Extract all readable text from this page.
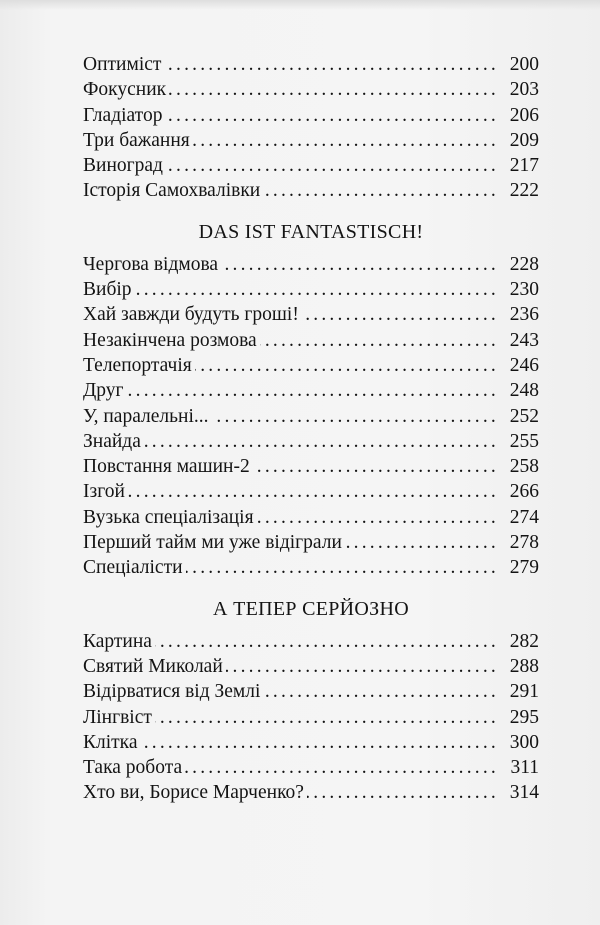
Оптиміст .....	200
Фокусник .....	203
Гладіатор .....	206
Три бажання .....	209
Виноград .....	217
Історія Самохвалівки .....	222
DAS IST FANTASTISCH!
Чергова відмова .....	228
Вибір .....	230
Хай завжди будуть гроші! .....	236
Незакінчена розмова .....	243
Телепортачія .....	246
Друг .....	248
У, паралельні... .....	252
Знайда .....	255
Повстання машин-2 .....	258
Ізгой .....	266
Вузька спеціалізація .....	274
Перший тайм ми уже відіграли .....	278
Спеціалісти .....	279
А ТЕПЕР СЕРЙОЗНО
Картина .....	282
Святий Миколай .....	288
Відірватися від Землі .....	291
Лінгвіст .....	295
Клітка .....	300
Така робота .....	311
Хто ви, Борисе Марченко? .....	314
